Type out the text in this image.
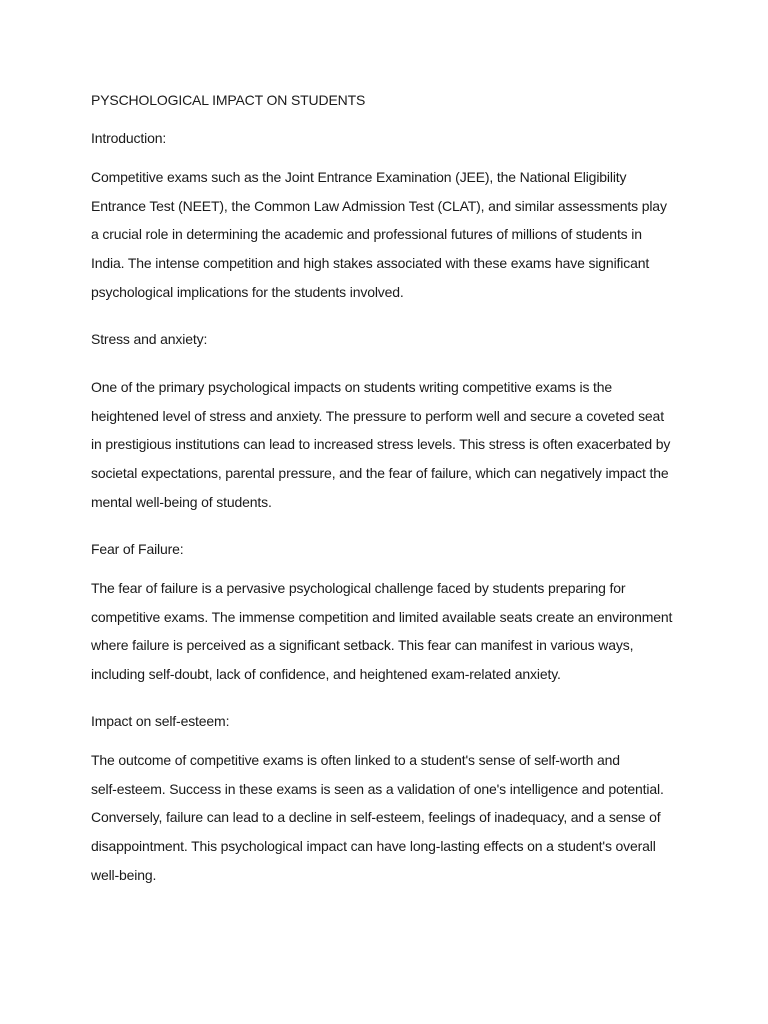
PYSCHOLOGICAL IMPACT ON STUDENTS

Introduction:

Competitive exams such as the Joint Entrance Examination (JEE), the National Eligibility
Entrance Test (NEET), the Common Law Admission Test (CLAT), and similar assessments play
a crucial role in determining the academic and professional futures of millions of students in
India. The intense competition and high stakes associated with these exams have significant
psychological implications for the students involved.

Stress and anxiety:

One of the primary psychological impacts on students writing competitive exams is the
heightened level of stress and anxiety. The pressure to perform well and secure a coveted seat
in prestigious institutions can lead to increased stress levels. This stress is often exacerbated by
societal expectations, parental pressure, and the fear of failure, which can negatively impact the
mental well-being of students.

Fear of Failure:

The fear of failure is a pervasive psychological challenge faced by students preparing for
competitive exams. The immense competition and limited available seats create an environment
where failure is perceived as a significant setback. This fear can manifest in various ways,
including self-doubt, lack of confidence, and heightened exam-related anxiety.

Impact on self-esteem:

The outcome of competitive exams is often linked to a student's sense of self-worth and
self-esteem. Success in these exams is seen as a validation of one's intelligence and potential.
Conversely, failure can lead to a decline in self-esteem, feelings of inadequacy, and a sense of
disappointment. This psychological impact can have long-lasting effects on a student's overall
well-being.
